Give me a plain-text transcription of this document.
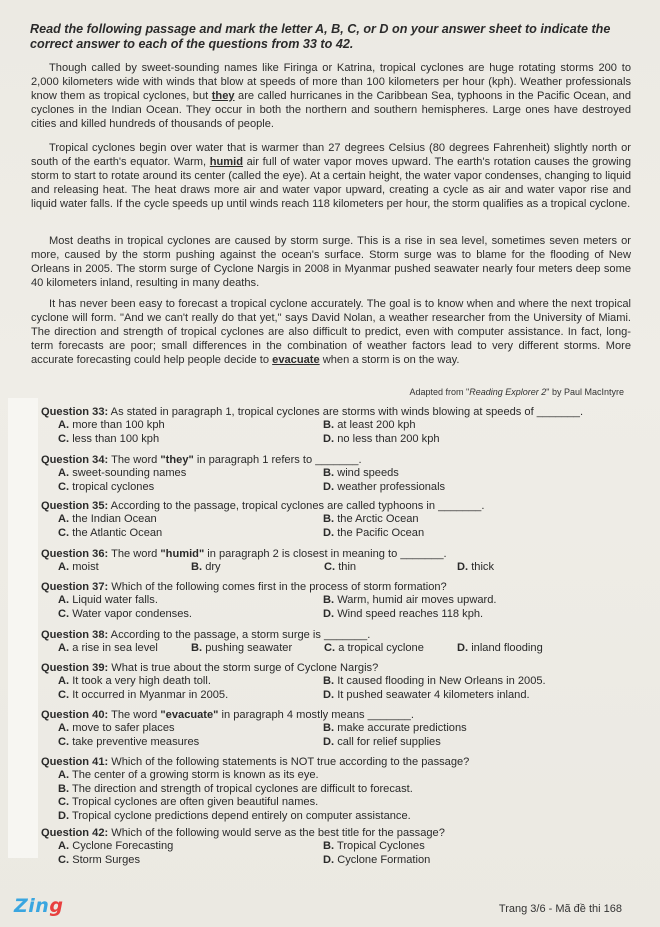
Read the following passage and mark the letter A, B, C, or D on your answer sheet to indicate the correct answer to each of the questions from 33 to 42.
Though called by sweet-sounding names like Firinga or Katrina, tropical cyclones are huge rotating storms 200 to 2,000 kilometers wide with winds that blow at speeds of more than 100 kilometers per hour (kph). Weather professionals know them as tropical cyclones, but they are called hurricanes in the Caribbean Sea, typhoons in the Pacific Ocean, and cyclones in the Indian Ocean. They occur in both the northern and southern hemispheres. Large ones have destroyed cities and killed hundreds of thousands of people.
Tropical cyclones begin over water that is warmer than 27 degrees Celsius (80 degrees Fahrenheit) slightly north or south of the earth's equator. Warm, humid air full of water vapor moves upward. The earth's rotation causes the growing storm to start to rotate around its center (called the eye). At a certain height, the water vapor condenses, changing to liquid and releasing heat. The heat draws more air and water vapor upward, creating a cycle as air and water vapor rise and liquid water falls. If the cycle speeds up until winds reach 118 kilometers per hour, the storm qualifies as a tropical cyclone.
Most deaths in tropical cyclones are caused by storm surge. This is a rise in sea level, sometimes seven meters or more, caused by the storm pushing against the ocean's surface. Storm surge was to blame for the flooding of New Orleans in 2005. The storm surge of Cyclone Nargis in 2008 in Myanmar pushed seawater nearly four meters deep some 40 kilometers inland, resulting in many deaths.
It has never been easy to forecast a tropical cyclone accurately. The goal is to know when and where the next tropical cyclone will form. "And we can't really do that yet," says David Nolan, a weather researcher from the University of Miami. The direction and strength of tropical cyclones are also difficult to predict, even with computer assistance. In fact, long-term forecasts are poor; small differences in the combination of weather factors lead to very different storms. More accurate forecasting could help people decide to evacuate when a storm is on the way.
Adapted from "Reading Explorer 2" by Paul MacIntyre
Question 33: As stated in paragraph 1, tropical cyclones are storms with winds blowing at speeds of _______.
A. more than 100 kph	B. at least 200 kph
C. less than 100 kph	D. no less than 200 kph
Question 34: The word "they" in paragraph 1 refers to _______.
A. sweet-sounding names	B. wind speeds
C. tropical cyclones	D. weather professionals
Question 35: According to the passage, tropical cyclones are called typhoons in _______.
A. the Indian Ocean	B. the Arctic Ocean
C. the Atlantic Ocean	D. the Pacific Ocean
Question 36: The word "humid" in paragraph 2 is closest in meaning to _______.
A. moist	B. dry	C. thin	D. thick
Question 37: Which of the following comes first in the process of storm formation?
A. Liquid water falls.	B. Warm, humid air moves upward.
C. Water vapor condenses.	D. Wind speed reaches 118 kph.
Question 38: According to the passage, a storm surge is _______.
A. a rise in sea level	B. pushing seawater	C. a tropical cyclone	D. inland flooding
Question 39: What is true about the storm surge of Cyclone Nargis?
A. It took a very high death toll.	B. It caused flooding in New Orleans in 2005.
C. It occurred in Myanmar in 2005.	D. It pushed seawater 4 kilometers inland.
Question 40: The word "evacuate" in paragraph 4 mostly means _______.
A. move to safer places	B. make accurate predictions
C. take preventive measures	D. call for relief supplies
Question 41: Which of the following statements is NOT true according to the passage?
A. The center of a growing storm is known as its eye.
B. The direction and strength of tropical cyclones are difficult to forecast.
C. Tropical cyclones are often given beautiful names.
D. Tropical cyclone predictions depend entirely on computer assistance.
Question 42: Which of the following would serve as the best title for the passage?
A. Cyclone Forecasting	B. Tropical Cyclones
C. Storm Surges	D. Cyclone Formation
Zing	Trang 3/6 - Mã đề thi 168
